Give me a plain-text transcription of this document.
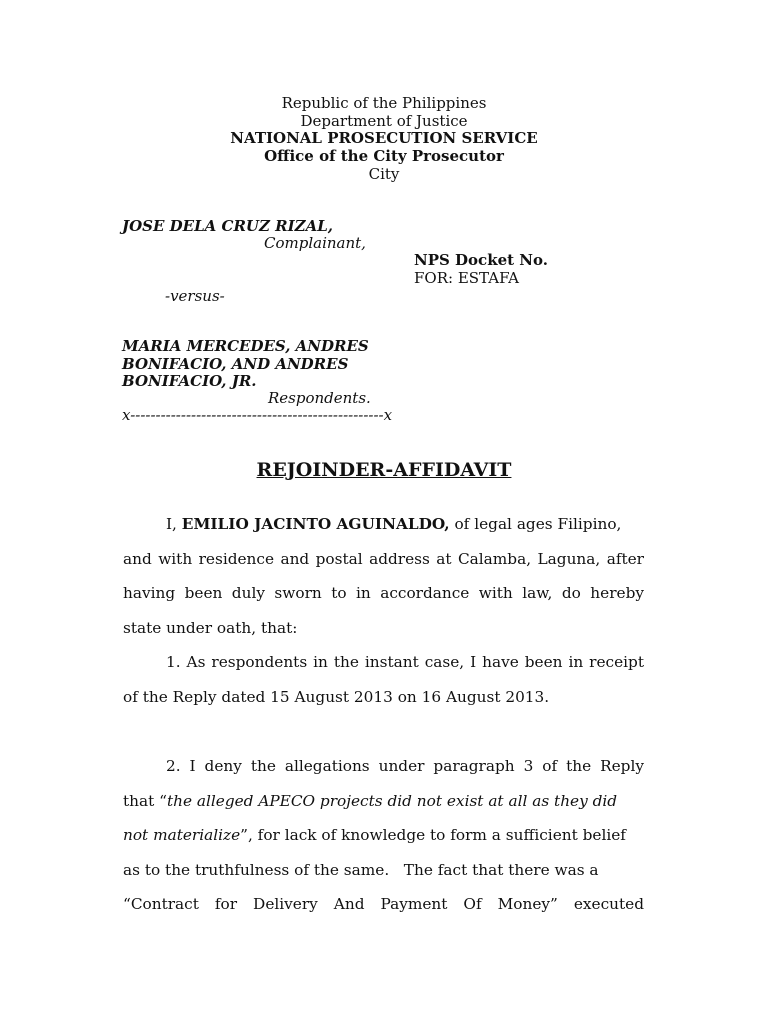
Republic of the Philippines
Department of Justice
NATIONAL PROSECUTION SERVICE
Office of the City Prosecutor
City
JOSE DELA CRUZ RIZAL,
Complainant,
NPS Docket No.
FOR: ESTAFA
-versus-
MARIA MERCEDES, ANDRES
BONIFACIO, AND ANDRES
BONIFACIO, JR.
Respondents.
x--------------------------------------------------x
REJOINDER-AFFIDAVIT
I, EMILIO JACINTO AGUINALDO, of legal ages Filipino,
and with residence and postal address at Calamba, Laguna, after
having been duly sworn to in accordance with law, do hereby
state under oath, that:
1. As respondents in the instant case, I have been in receipt
of the Reply dated 15 August 2013 on 16 August 2013.
2. I deny the allegations under paragraph 3 of the Reply
that “the alleged APECO projects did not exist at all as they did
not materialize”, for lack of knowledge to form a sufficient belief
as to the truthfulness of the same.   The fact that there was a
“Contract for Delivery And Payment Of Money” executed
